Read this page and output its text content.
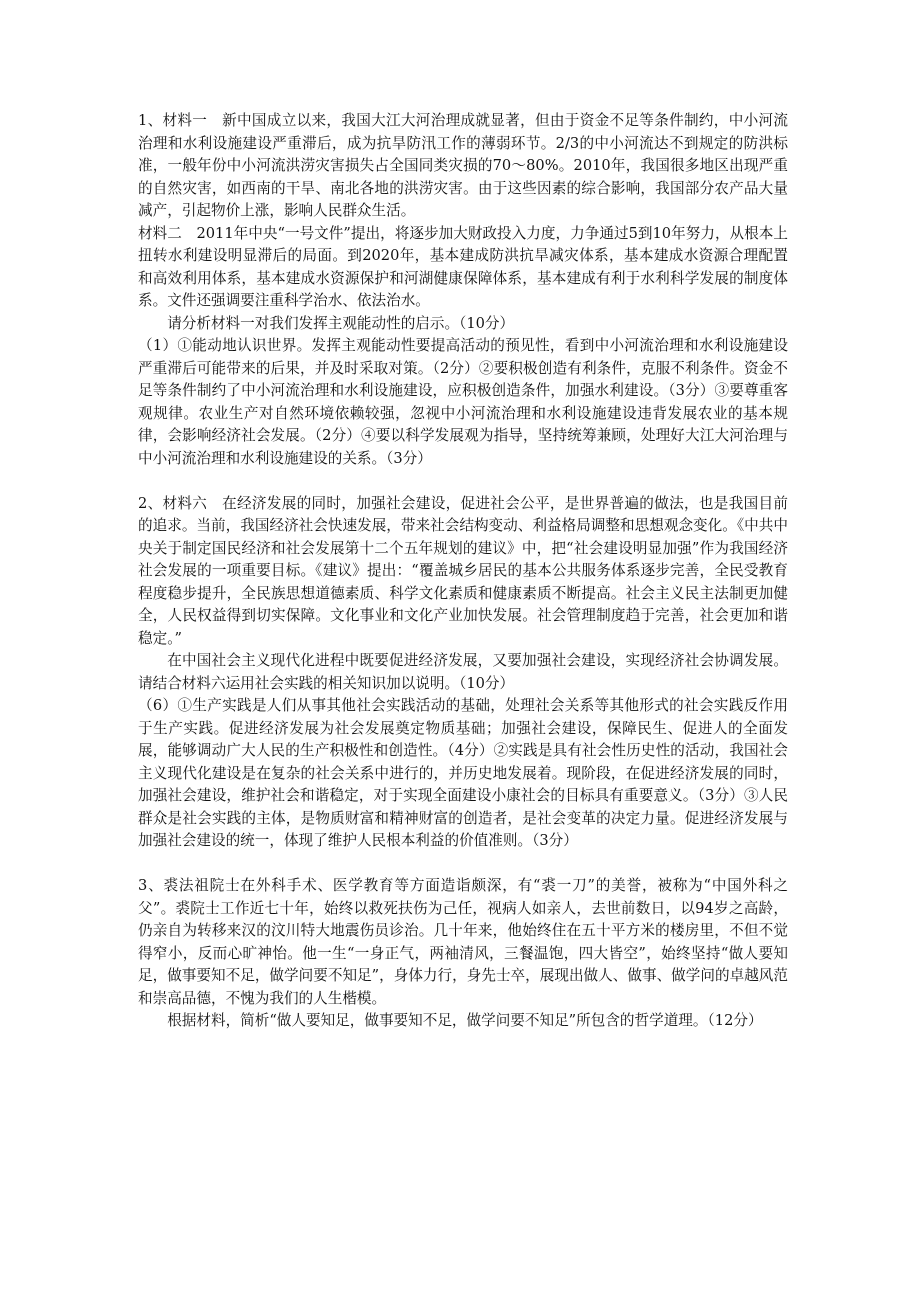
1、材料一　新中国成立以来，我国大江大河治理成就显著，但由于资金不足等条件制约，中小河流治理和水利设施建设严重滞后，成为抗旱防汛工作的薄弱环节。2/3的中小河流达不到规定的防洪标准，一般年份中小河流洪涝灾害损失占全国同类灾损的70～80%。2010年，我国很多地区出现严重的自然灾害，如西南的干旱、南北各地的洪涝灾害。由于这些因素的综合影响，我国部分农产品大量减产，引起物价上涨，影响人民群众生活。

材料二　2011年中央“一号文件”提出，将逐步加大财政投入力度，力争通过5到10年努力，从根本上扭转水利建设明显滞后的局面。到2020年，基本建成防洪抗旱减灾体系，基本建成水资源合理配置和高效利用体系，基本建成水资源保护和河湖健康保障体系，基本建成有利于水利科学发展的制度体系。文件还强调要注重科学治水、依法治水。

请分析材料一对我们发挥主观能动性的启示。（10分）

（1）①能动地认识世界。发挥主观能动性要提高活动的预见性，看到中小河流治理和水利设施建设严重滞后可能带来的后果，并及时采取对策。（2分）②要积极创造有利条件，克服不利条件。资金不足等条件制约了中小河流治理和水利设施建设，应积极创造条件，加强水利建设。（3分）③要尊重客观规律。农业生产对自然环境依赖较强，忽视中小河流治理和水利设施建设违背发展农业的基本规律，会影响经济社会发展。（2分）④要以科学发展观为指导，坚持统筹兼顾，处理好大江大河治理与中小河流治理和水利设施建设的关系。（3分）

2、材料六　在经济发展的同时，加强社会建设，促进社会公平，是世界普遍的做法，也是我国目前的追求。当前，我国经济社会快速发展，带来社会结构变动、利益格局调整和思想观念变化。《中共中央关于制定国民经济和社会发展第十二个五年规划的建议》中，把“社会建设明显加强”作为我国经济社会发展的一项重要目标。《建议》提出：“覆盖城乡居民的基本公共服务体系逐步完善，全民受教育程度稳步提升，全民族思想道德素质、科学文化素质和健康素质不断提高。社会主义民主法制更加健全，人民权益得到切实保障。文化事业和文化产业加快发展。社会管理制度趋于完善，社会更加和谐稳定。”

在中国社会主义现代化进程中既要促进经济发展，又要加强社会建设，实现经济社会协调发展。请结合材料六运用社会实践的相关知识加以说明。（10分）

（6）①生产实践是人们从事其他社会实践活动的基础，处理社会关系等其他形式的社会实践反作用于生产实践。促进经济发展为社会发展奠定物质基础；加强社会建设，保障民生、促进人的全面发展，能够调动广大人民的生产积极性和创造性。（4分）②实践是具有社会性历史性的活动，我国社会主义现代化建设是在复杂的社会关系中进行的，并历史地发展着。现阶段，在促进经济发展的同时，加强社会建设，维护社会和谐稳定，对于实现全面建设小康社会的目标具有重要意义。（3分）③人民群众是社会实践的主体，是物质财富和精神财富的创造者，是社会变革的决定力量。促进经济发展与加强社会建设的统一，体现了维护人民根本利益的价值准则。（3分）

3、裘法祖院士在外科手术、医学教育等方面造诣颇深，有“裘一刀”的美誉，被称为“中国外科之父”。裘院士工作近七十年，始终以救死扶伤为己任，视病人如亲人，去世前数日，以94岁之高龄，仍亲自为转移来汉的汶川特大地震伤员诊治。几十年来，他始终住在五十平方米的楼房里，不但不觉得窄小，反而心旷神怡。他一生“一身正气，两袖清风，三餐温饱，四大皆空”，始终坚持“做人要知足，做事要知不足，做学问要不知足”，身体力行，身先士卒，展现出做人、做事、做学问的卓越风范和崇高品德，不愧为我们的人生楷模。

根据材料，简析“做人要知足，做事要知不足，做学问要不知足”所包含的哲学道理。（12分）
